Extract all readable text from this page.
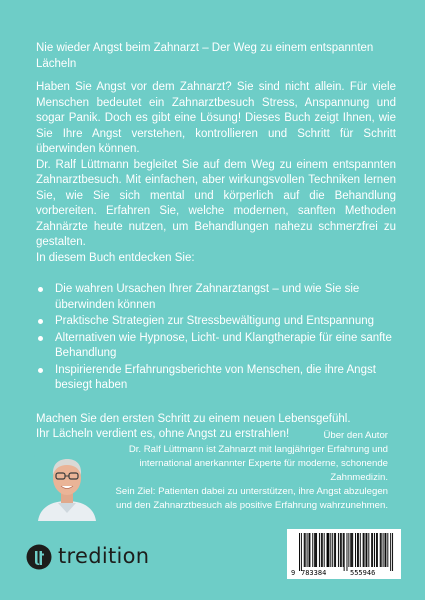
Nie wieder Angst beim Zahnarzt – Der Weg zu einem entspannten Lächeln

Haben Sie Angst vor dem Zahnarzt? Sie sind nicht allein. Für viele Menschen bedeutet ein Zahnarztbesuch Stress, Anspannung und sogar Panik. Doch es gibt eine Lösung! Dieses Buch zeigt Ihnen, wie Sie Ihre Angst verstehen, kontrollieren und Schritt für Schritt überwinden können.

Dr. Ralf Lüttmann begleitet Sie auf dem Weg zu einem entspannten Zahnarztbesuch. Mit einfachen, aber wirkungsvollen Techniken lernen Sie, wie Sie sich mental und körperlich auf die Behandlung vorbereiten. Erfahren Sie, welche modernen, sanften Methoden Zahnärzte heute nutzen, um Behandlungen nahezu schmerzfrei zu gestalten.

In diesem Buch entdecken Sie:

Die wahren Ursachen Ihrer Zahnarztangst – und wie Sie sie überwinden können
Praktische Strategien zur Stressbewältigung und Entspannung
Alternativen wie Hypnose, Licht- und Klangtherapie für eine sanfte Behandlung
Inspirierende Erfahrungsberichte von Menschen, die ihre Angst besiegt haben

Machen Sie den ersten Schritt zu einem neuen Lebensgefühl.

Ihr Lächeln verdient es, ohne Angst zu erstrahlen!	Über den Autor

Dr. Ralf Lüttmann ist Zahnarzt mit langjähriger Erfahrung und international anerkannter Experte für moderne, schonende Zahnmedizin.

Sein Ziel: Patienten dabei zu unterstützen, ihre Angst abzulegen und den Zahnarztbesuch als positive Erfahrung wahrzunehmen.

tredition
9 783384	555946
